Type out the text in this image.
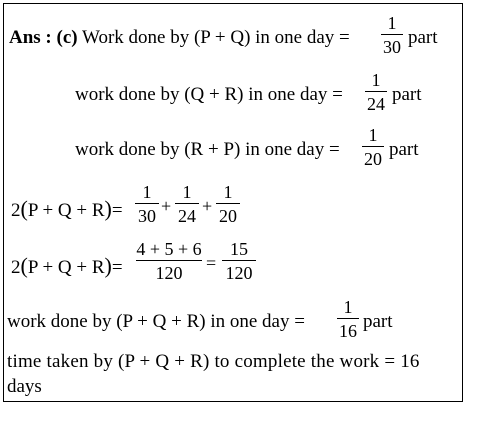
Ans : (c) Work done by (P + Q) in one day =
1
30 part
work done by (Q + R) in one day =
1
24 part
work done by (R + P) in one day =
1
20 part
2(P + Q + R)=
1
30 +
1
24 +
1
20
2(P + Q + R)=
4 + 5 + 6
120	=
15
120
work done by (P + Q + R) in one day =
1
16 part
time taken by (P + Q + R) to complete the work = 16
days
